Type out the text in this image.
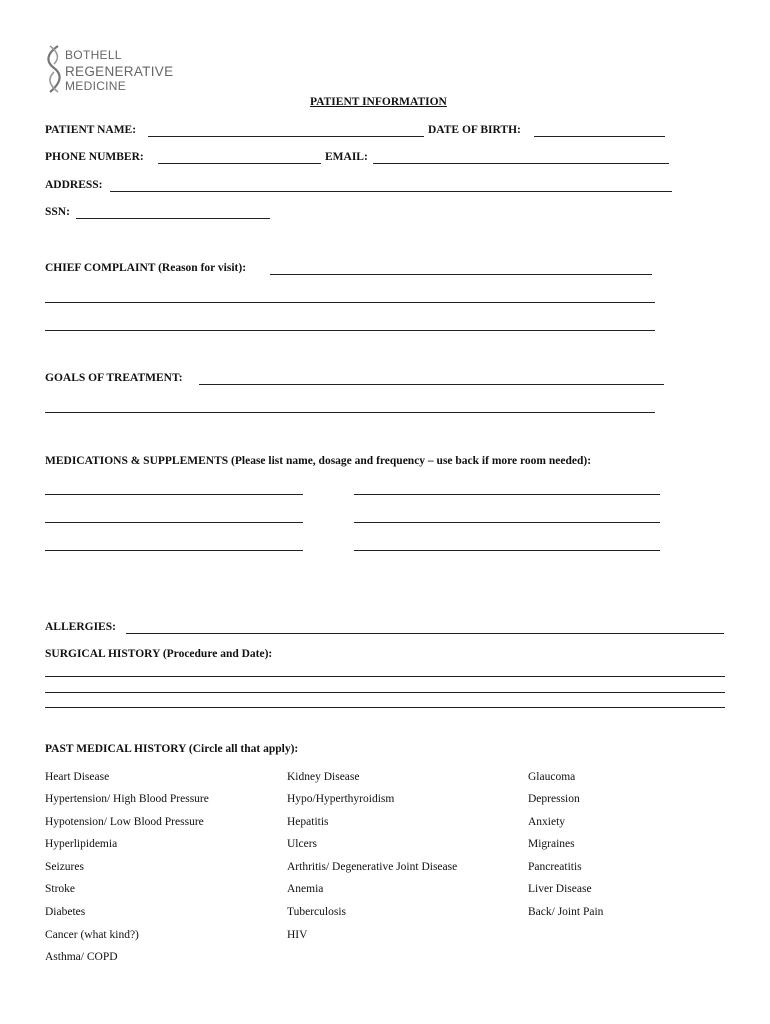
BOTHELL
REGENERATIVE
MEDICINE
PATIENT INFORMATION
PATIENT NAME:	DATE OF BIRTH:
PHONE NUMBER:	EMAIL:
ADDRESS:
SSN:
CHIEF COMPLAINT (Reason for visit):
GOALS OF TREATMENT:
MEDICATIONS & SUPPLEMENTS (Please list name, dosage and frequency – use back if more room needed):
ALLERGIES:
SURGICAL HISTORY (Procedure and Date):
PAST MEDICAL HISTORY (Circle all that apply):
Heart Disease
Hypertension/ High Blood Pressure
Hypotension/ Low Blood Pressure
Hyperlipidemia
Seizures
Stroke
Diabetes
Cancer (what kind?)
Asthma/ COPD
Kidney Disease
Hypo/Hyperthyroidism
Hepatitis
Ulcers
Arthritis/ Degenerative Joint Disease
Anemia
Tuberculosis
HIV
Glaucoma
Depression
Anxiety
Migraines
Pancreatitis
Liver Disease
Back/ Joint Pain
